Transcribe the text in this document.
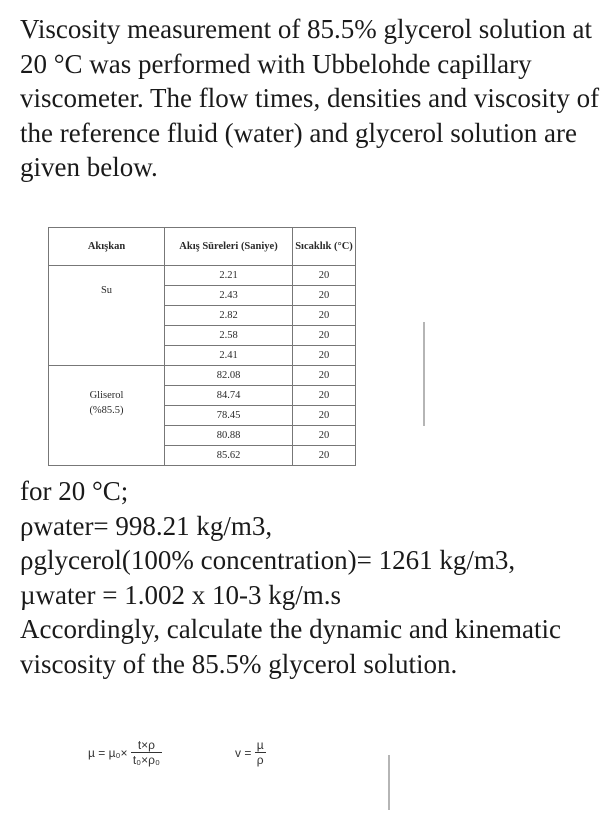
Viscosity measurement of 85.5% glycerol solution at 20 °C was performed with Ubbelohde capillary viscometer. The flow times, densities and viscosity of the reference fluid (water) and glycerol solution are given below.

Akışkan	Akış Süreleri (Saniye)	Sıcaklık (°C)
Su	2.21	20
	2.43	20
	2.82	20
	2.58	20
	2.41	20
Gliserol
(%85.5)	82.08	20
	84.74	20
	78.45	20
	80.88	20
	85.62	20
for 20 °C;
ρwater= 998.21 kg/m3,
ρglycerol(100% concentration)= 1261 kg/m3,
µwater = 1.002 x 10-3 kg/m.s
Accordingly, calculate the dynamic and kinematic viscosity of the 85.5% glycerol solution.
$\mu = \mu_0\times \frac{t\times\rho}{\text{t₀×ρ₀}}$	$v = \frac{\text{µ}}{\rho}$
